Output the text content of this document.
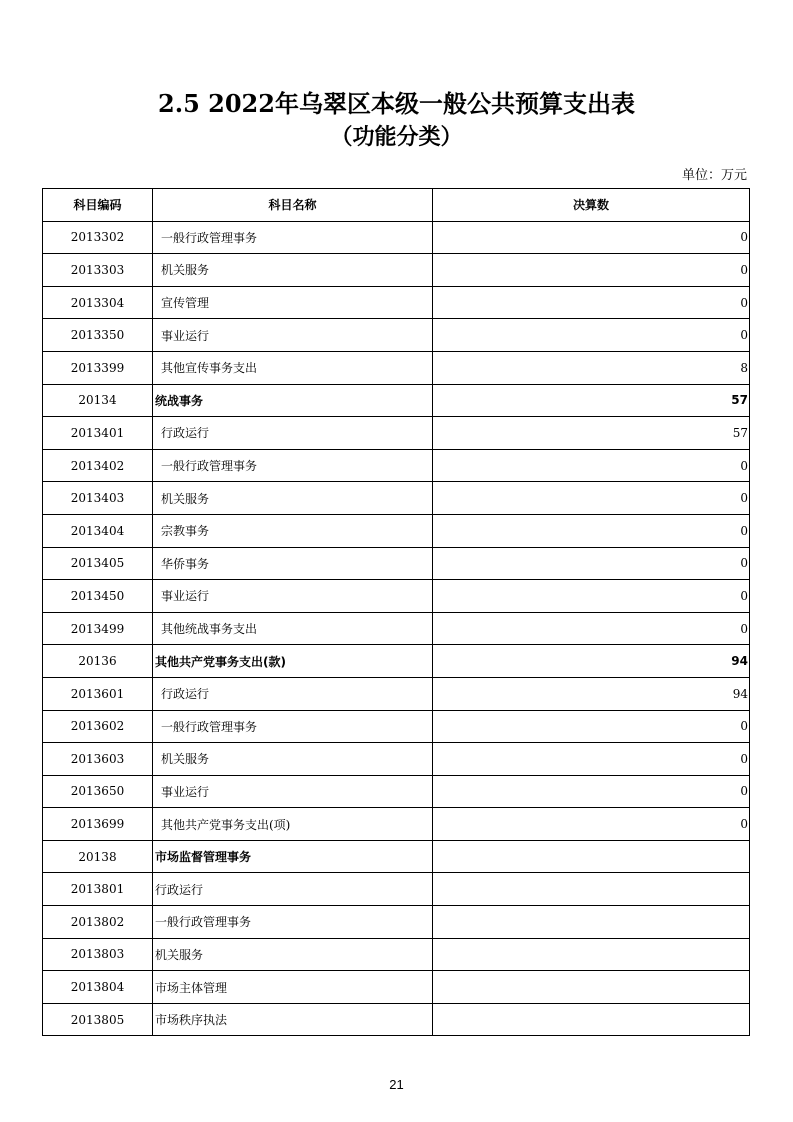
2.5 2022年乌翠区本级一般公共预算支出表
（功能分类）
单位：万元
科目编码	科目名称	决算数
2013302	一般行政管理事务	0
2013303	机关服务	0
2013304	宣传管理	0
2013350	事业运行	0
2013399	其他宣传事务支出	8
20134	统战事务	57
2013401	行政运行	57
2013402	一般行政管理事务	0
2013403	机关服务	0
2013404	宗教事务	0
2013405	华侨事务	0
2013450	事业运行	0
2013499	其他统战事务支出	0
20136	其他共产党事务支出(款)	94
2013601	行政运行	94
2013602	一般行政管理事务	0
2013603	机关服务	0
2013650	事业运行	0
2013699	其他共产党事务支出(项)	0
20138	市场监督管理事务	
2013801	行政运行	
2013802	一般行政管理事务	
2013803	机关服务	
2013804	市场主体管理	
2013805	市场秩序执法	
21
